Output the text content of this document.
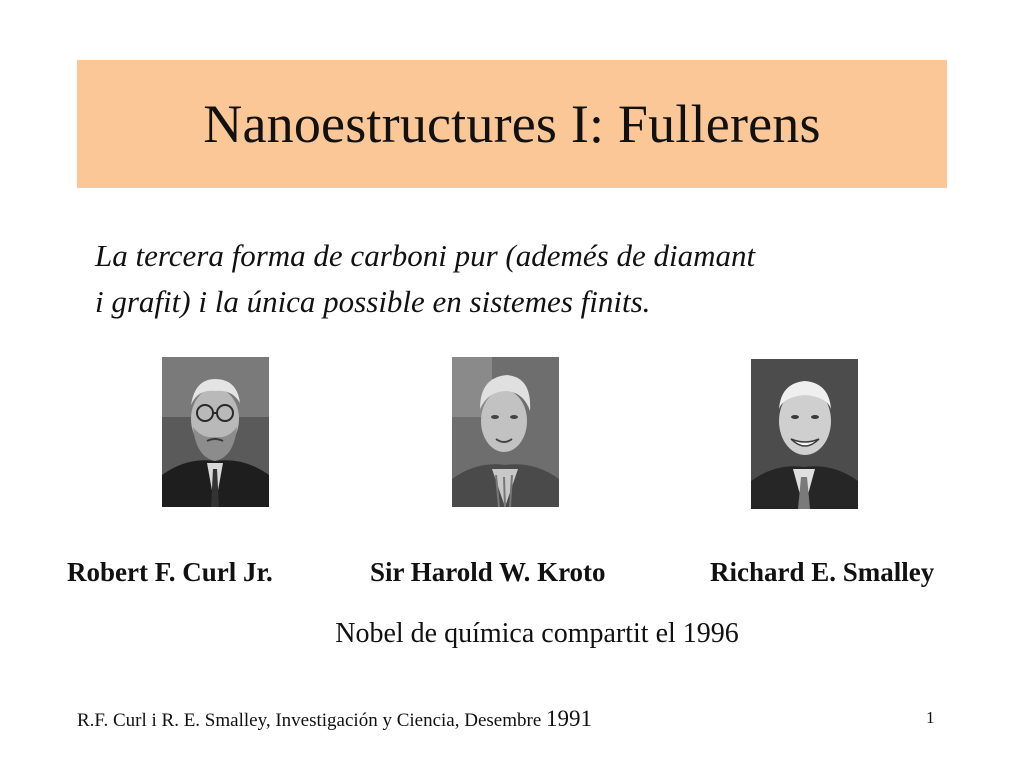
Nanoestructures I: Fullerens
La tercera forma de carboni pur (ademés de diamant
i grafit) i la única possible en sistemes finits.
Robert F. Curl Jr.	Sir Harold W. Kroto	Richard E. Smalley
Nobel de química compartit el 1996
R.F. Curl i R. E. Smalley, Investigación y Ciencia, Desembre 1991	1
